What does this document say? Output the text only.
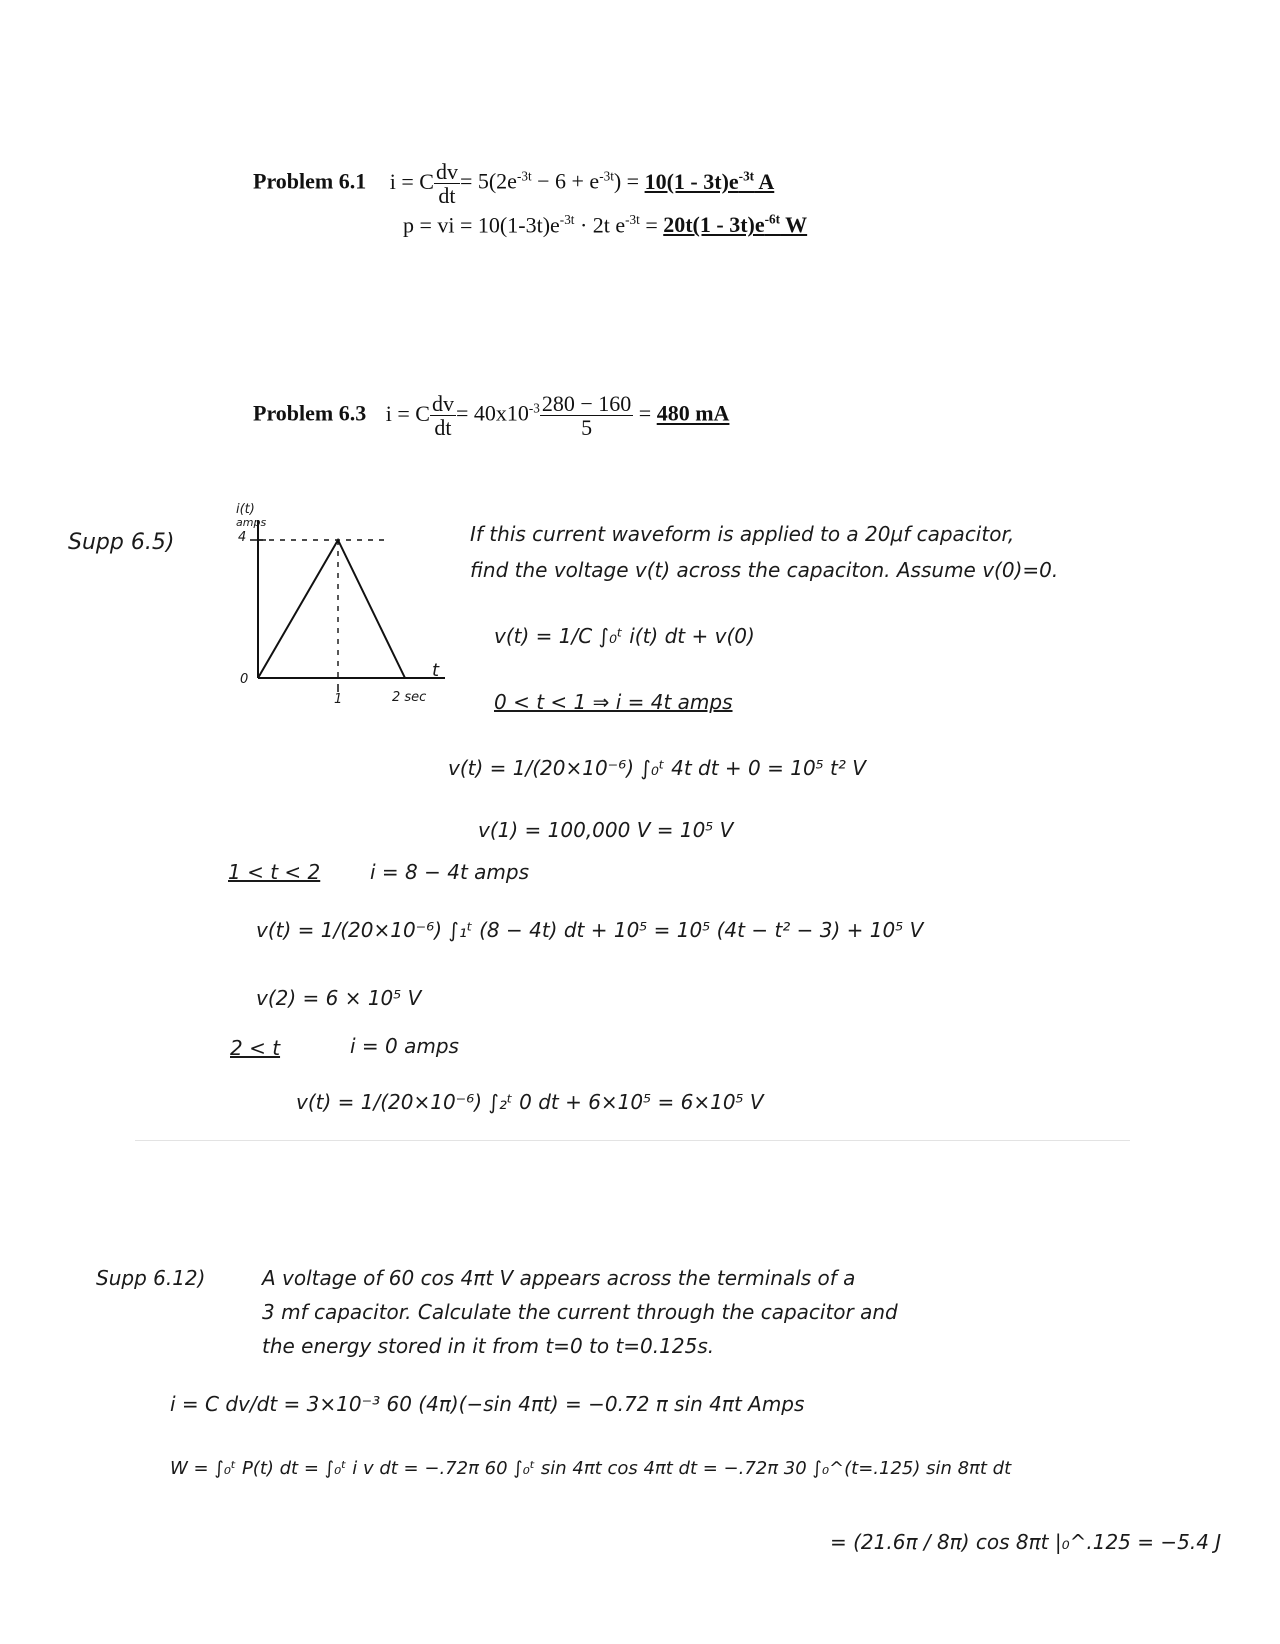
Problem 6.1 i = C $\frac{dv}{dt} = 5(2e^{-3t} - 6 + e^{-3t}) = 10(1 - 3t)e^{-3t}$ A
p = vi = $10(1-3t)e^{-3t} \cdot 2t$ $e^{-3t} = 20t(1 - 3t)e^{-6t}$ W
Problem 6.3 i = C $\frac{dv}{dt} = 40x10^{-3} \frac{280 - 160}{5} = 480$ mA
Supp 6.5)
i(t)
amps
4
0
1	2 sec
t
If this current waveform is applied to a 20μf capacitor,
find the voltage v(t) across the capaciton. Assume v(0)=0.
v(t) = 1/C ∫₀ᵗ i(t) dt + v(0)
0 < t < 1 ⇒ i = 4t amps
v(t) = 1/(20×10⁻⁶) ∫₀ᵗ 4t dt + 0 = 10⁵ t² V
v(1) = 100,000 V = 10⁵ V
1 < t < 2 i = 8 − 4t amps
v(t) = 1/(20×10⁻⁶) ∫₁ᵗ (8 − 4t) dt + 10⁵ = 10⁵ (4t − t² − 3) + 10⁵ V
v(2) = 6 × 10⁵ V
2 < t	i = 0 amps
v(t) = 1/(20×10⁻⁶) ∫₂ᵗ 0 dt + 6×10⁵ = 6×10⁵ V
Supp 6.12)	A voltage of 60 cos 4πt V appears across the terminals of a
3 mf capacitor. Calculate the current through the capacitor and
the energy stored in it from t=0 to t=0.125s.
i = C dv/dt = 3×10⁻³ 60 (4π)(−sin 4πt) = −0.72 π sin 4πt Amps
W = ∫₀ᵗ P(t) dt = ∫₀ᵗ i v dt = −.72π 60 ∫₀ᵗ sin 4πt cos 4πt dt = −.72π 30 ∫₀^(t=.125) sin 8πt dt
= (21.6π / 8π) cos 8πt |₀^.125 = −5.4 J
